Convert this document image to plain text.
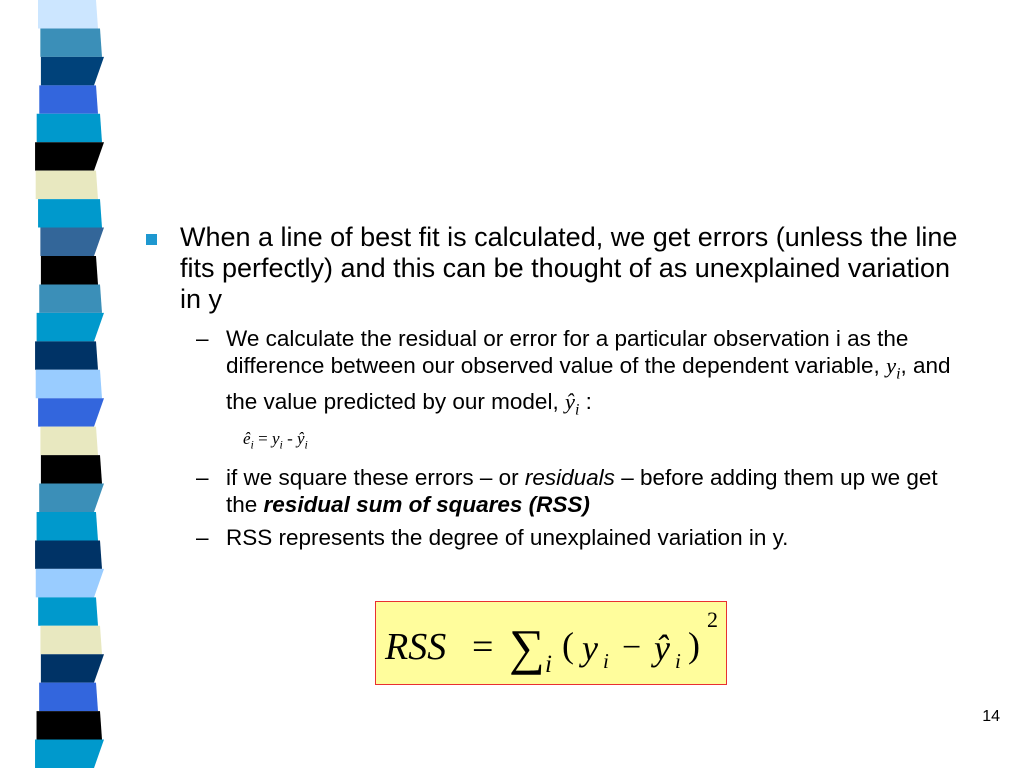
When a line of best fit is calculated, we get errors (unless the line fits perfectly) and this can be thought of as unexplained variation in y
– We calculate the residual or error for a particular observation i as the difference between our observed value of the dependent variable, $y_i$, and the value predicted by our model, $ŷ_i$ :
$ê_i = y_i$ - $ŷ_i$
– if we square these errors – or residuals – before adding them up we get the residual sum of squares (RSS)
– RSS represents the degree of unexplained variation in y.
RSS = ∑ i ( y i − ŷ i )
2
14
